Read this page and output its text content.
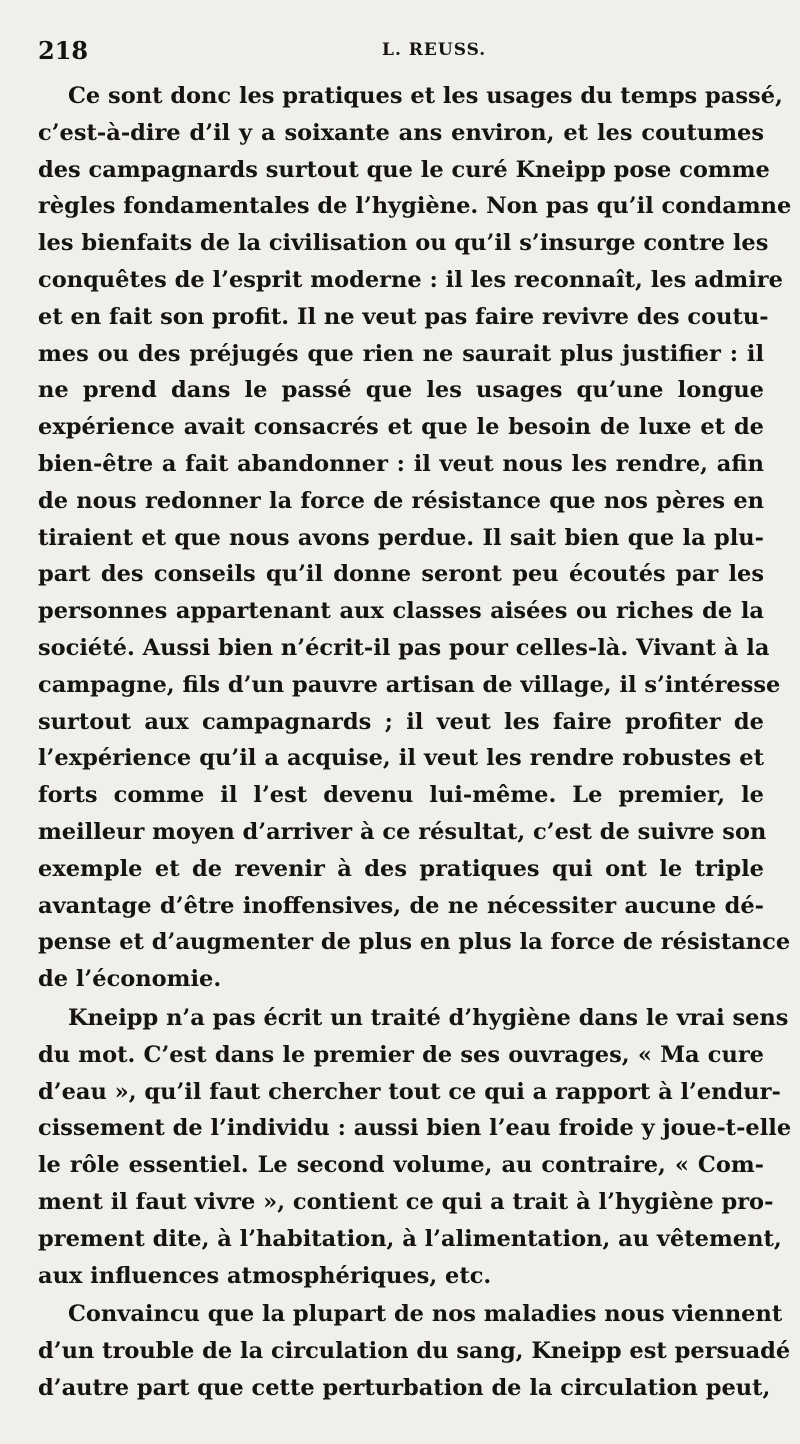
218	L. REUSS.
Ce sont donc les pratiques et les usages du temps passé,
c’est-à-dire d’il y a soixante ans environ, et les coutumes
des campagnards surtout que le curé Kneipp pose comme
règles fondamentales de l’hygiène. Non pas qu’il condamne
les bienfaits de la civilisation ou qu’il s’insurge contre les
conquêtes de l’esprit moderne : il les reconnaît, les admire
et en fait son profit. Il ne veut pas faire revivre des coutu-
mes ou des préjugés que rien ne saurait plus justifier : il
ne prend dans le passé que les usages qu’une longue
expérience avait consacrés et que le besoin de luxe et de
bien-être a fait abandonner : il veut nous les rendre, afin
de nous redonner la force de résistance que nos pères en
tiraient et que nous avons perdue. Il sait bien que la plu-
part des conseils qu’il donne seront peu écoutés par les
personnes appartenant aux classes aisées ou riches de la
société. Aussi bien n’écrit-il pas pour celles-là. Vivant à la
campagne, fils d’un pauvre artisan de village, il s’intéresse
surtout aux campagnards ; il veut les faire profiter de
l’expérience qu’il a acquise, il veut les rendre robustes et
forts comme il l’est devenu lui-même. Le premier, le
meilleur moyen d’arriver à ce résultat, c’est de suivre son
exemple et de revenir à des pratiques qui ont le triple
avantage d’être inoffensives, de ne nécessiter aucune dé-
pense et d’augmenter de plus en plus la force de résistance
de l’économie.
Kneipp n’a pas écrit un traité d’hygiène dans le vrai sens
du mot. C’est dans le premier de ses ouvrages, « Ma cure
d’eau », qu’il faut chercher tout ce qui a rapport à l’endur-
cissement de l’individu : aussi bien l’eau froide y joue-t-elle
le rôle essentiel. Le second volume, au contraire, « Com-
ment il faut vivre », contient ce qui a trait à l’hygiène pro-
prement dite, à l’habitation, à l’alimentation, au vêtement,
aux influences atmosphériques, etc.
Convaincu que la plupart de nos maladies nous viennent
d’un trouble de la circulation du sang, Kneipp est persuadé
d’autre part que cette perturbation de la circulation peut,
